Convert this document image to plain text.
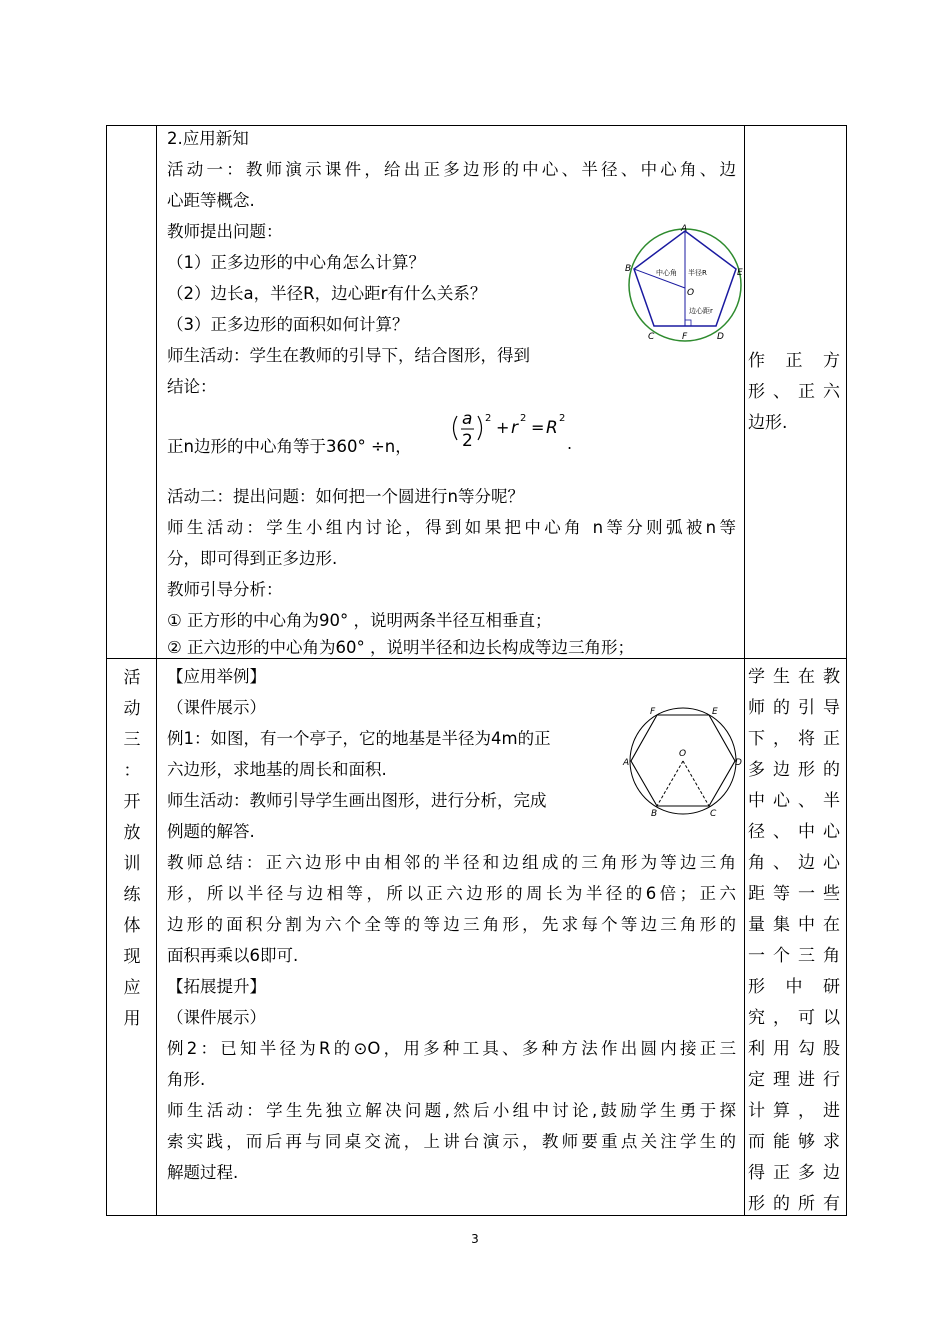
2.应用新知
活动一：教师演示课件，给出正多边形的中心、半径、中心角、边
心距等概念.
教师提出问题：
（1）正多边形的中心角怎么计算？
（2）边长a，半径R，边心距r有什么关系？
（3）正多边形的面积如何计算？
师生活动：学生在教师的引导下，结合图形，得到
结论：
正n边形的中心角等于360° ÷n，
a
2
2 + r 2 = R 2
.
活动二：提出问题：如何把一个圆进行n等分呢？
师生活动：学生小组内讨论，得到如果把中心角 n等分则弧被n等
分，即可得到正多边形.
教师引导分析：
① 正方形的中心角为90° ，说明两条半径互相垂直；
② 正六边形的中心角为60° ，说明半径和边长构成等边三角形；
A
B
C	D
E
F
O
中心角 半径R
边心距r
作正方
形、正六
边形.
活
动
三
：
开
放
训
练
体
现
应
用
【应用举例】
（课件展示）
例1：如图，有一个亭子，它的地基是半径为4m的正
六边形，求地基的周长和面积.
师生活动：教师引导学生画出图形，进行分析，完成
例题的解答.
教师总结：正六边形中由相邻的半径和边组成的三角形为等边三角
形，所以半径与边相等，所以正六边形的周长为半径的6倍；正六
边形的面积分割为六个全等的等边三角形，先求每个等边三角形的
面积再乘以6即可.
【拓展提升】
（课件展示）
例2：已知半径为R的⊙O，用多种工具、多种方法作出圆内接正三
角形.
师生活动：学生先独立解决问题,然后小组中讨论,鼓励学生勇于探
索实践，而后再与同桌交流，上讲台演示，教师要重点关注学生的
解题过程.
O
A
B	C
D
E
F
学生在教
师的引导
下，将正
多边形的
中心、半
径、中心
角、边心
距等一些
量集中在
一个三角
形中研
究，可以
利用勾股
定理进行
计算，进
而能够求
得正多边
形的所有
3
